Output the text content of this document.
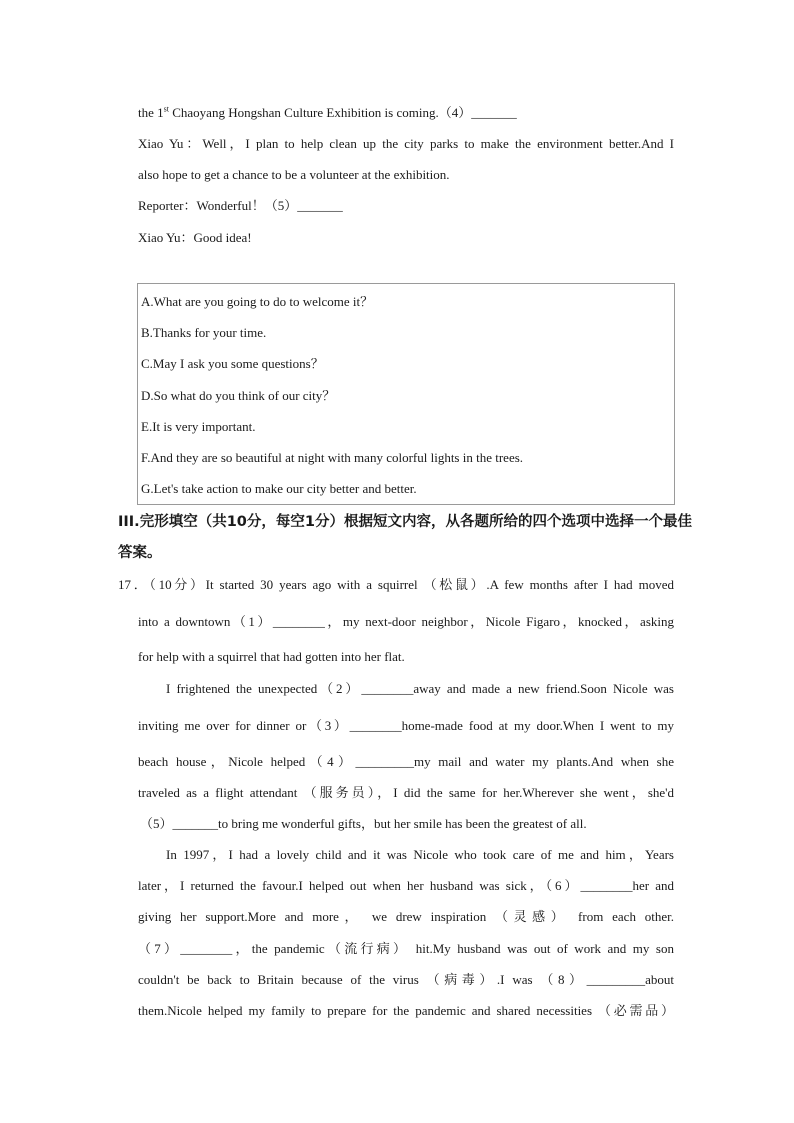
the 1st Chaoyang Hongshan Culture Exhibition is coming.（4）_______
Xiao Yu：Well，I plan to help clean up the city parks to make the environment better.And I
also hope to get a chance to be a volunteer at the exhibition.
Reporter：Wonderful！（5）_______
Xiao Yu：Good idea!
A.What are you going to do to welcome it？
B.Thanks for your time.
C.May I ask you some questions？
D.So what do you think of our city？
E.It is very important.
F.And they are so beautiful at night with many colorful lights in the trees.
G.Let's take action to make our city better and better.
III.完形填空（共10分，每空1分）根据短文内容，从各题所给的四个选项中选择一个最佳
答案。
17．（10分）It started 30 years ago with a squirrel （松鼠）.A few months after I had moved
into a downtown（1）________，my next-door neighbor，Nicole Figaro，knocked，asking
for help with a squirrel that had gotten into her flat.
I frightened the unexpected（2）________away and made a new friend.Soon Nicole was
inviting me over for dinner or（3）________home-made food at my door.When I went to my
beach house，Nicole helped（4）_________my mail and water my plants.And when she
traveled as a flight attendant （服务员），I did the same for her.Wherever she went，she'd
（5）_______to bring me wonderful gifts，but her smile has been the greatest of all.
In 1997，I had a lovely child and it was Nicole who took care of me and him，Years
later，I returned the favour.I helped out when her husband was sick，（6）________her and
giving her support.More and more， we drew inspiration （灵感） from each other.
（7）________，the pandemic（流行病） hit.My husband was out of work and my son
couldn't be back to Britain because of the virus （病毒）.I was （8）_________about
them.Nicole helped my family to prepare for the pandemic and shared necessities （必需品）
